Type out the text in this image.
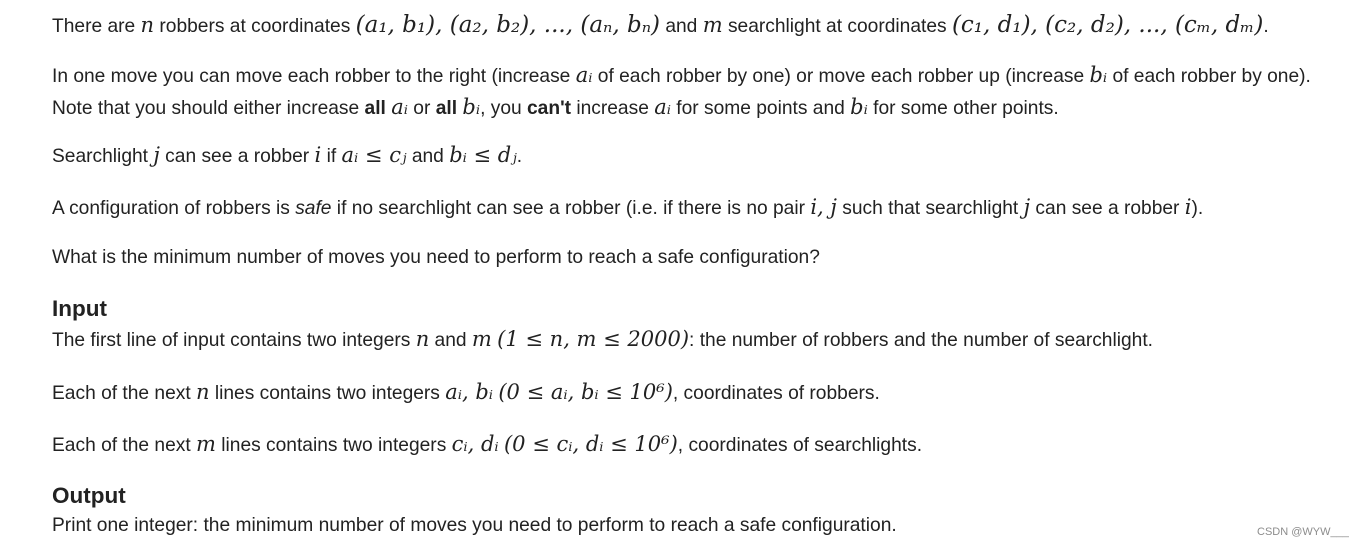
There are n robbers at coordinates (a₁, b₁), (a₂, b₂), ..., (aₙ, bₙ) and m searchlight at coordinates (c₁, d₁), (c₂, d₂), ..., (cₘ, dₘ).

In one move you can move each robber to the right (increase aᵢ of each robber by one) or move each robber up (increase bᵢ of each robber by one). Note that you should either increase all aᵢ or all bᵢ, you can't increase aᵢ for some points and bᵢ for some other points.

Searchlight j can see a robber i if aᵢ ≤ cⱼ and bᵢ ≤ dⱼ.

A configuration of robbers is safe if no searchlight can see a robber (i.e. if there is no pair i, j such that searchlight j can see a robber i).

What is the minimum number of moves you need to perform to reach a safe configuration?

Input

The first line of input contains two integers n and m (1 ≤ n, m ≤ 2000): the number of robbers and the number of searchlight.

Each of the next n lines contains two integers aᵢ, bᵢ (0 ≤ aᵢ, bᵢ ≤ 10⁶), coordinates of robbers.

Each of the next m lines contains two integers cᵢ, dᵢ (0 ≤ cᵢ, dᵢ ≤ 10⁶), coordinates of searchlights.

Output

Print one integer: the minimum number of moves you need to perform to reach a safe configuration.	CSDN @WYW___
